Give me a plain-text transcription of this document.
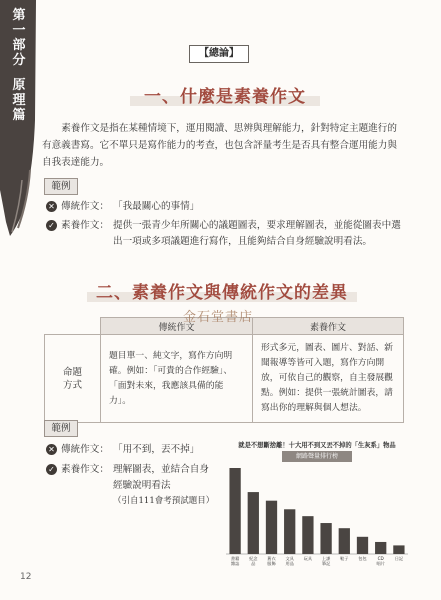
第
一
部
分
原
理
篇
【總論】
一、什麼是素養作文

素養作文是指在某種情境下，運用閱讀、思辨與理解能力，針對特定主題進行的有意義書寫。它不單只是寫作能力的考查，也包含評量考生是否具有整合運用能力與自我表達能力。

範例
✕ 傳統作文： 「我最關心的事情」
✓ 素養作文： 提供一張青少年所關心的議題圖表，要求理解圖表，並能從圖表中選出一項或多項議題進行寫作，且能夠結合自身經驗說明看法。
二、素養作文與傳統作文的差異
	傳統作文	素養作文
命題方式	題目單一、純文字，寫作方向明確。例如：「可貴的合作經驗」、「面對未來，我應該具備的能力」。	形式多元，圖表、圖片、對話、新聞報導等皆可入題，寫作方向開放，可依自己的觀察，自主發展觀點。例如：提供一張統計圖表，請寫出你的理解與個人想法。
金石堂書店
範例
✕ 傳統作文： 「用不到，丟不掉」
✓ 素養作文： 理解圖表，並結合自身經驗說明看法
（引自111會考預試題目）
就是不想斷捨離！十大用不到又丟不掉的「生灰系」物品
網路聲量排行榜
書籍雜誌
紀念品
舊衣服飾
文具用品
玩具 上課筆記
鞋子 包包	CD 唱片
日記
12
